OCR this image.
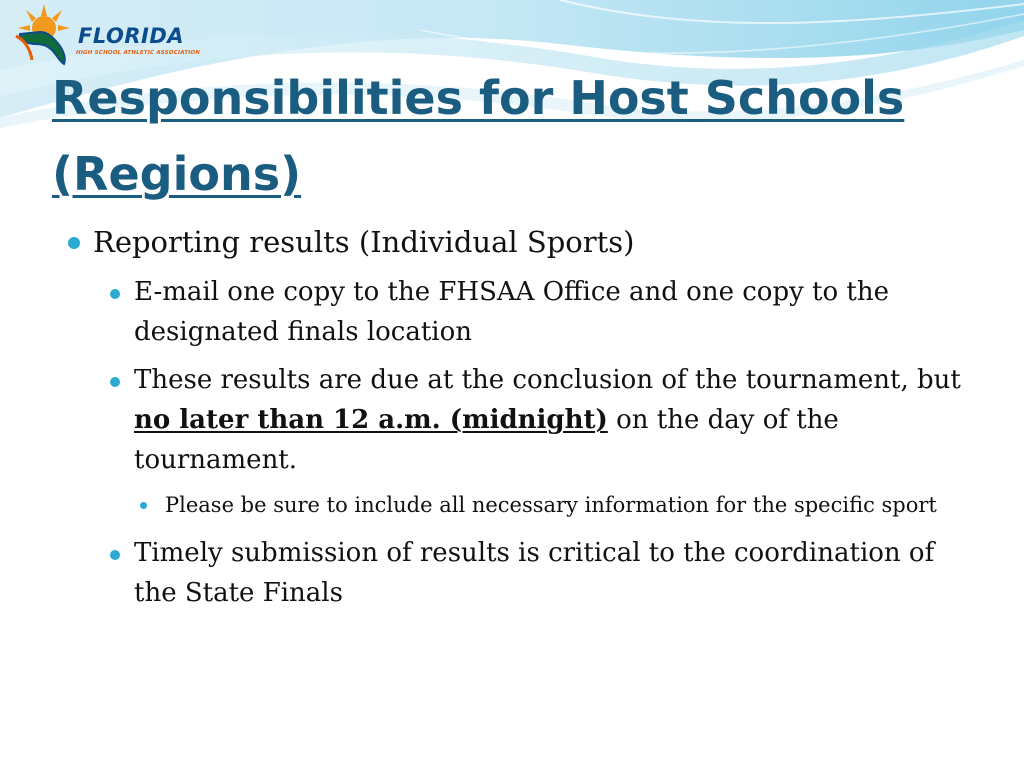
FLORIDA
HIGH SCHOOL ATHLETIC ASSOCIATION
Responsibilities for Host Schools (Regions)
Reporting results (Individual Sports)
E-mail one copy to the FHSAA Office and one copy to the designated finals location
These results are due at the conclusion of the tournament, but no later than 12 a.m. (midnight) on the day of the tournament.
Please be sure to include all necessary information for the specific sport
Timely submission of results is critical to the coordination of the State Finals
